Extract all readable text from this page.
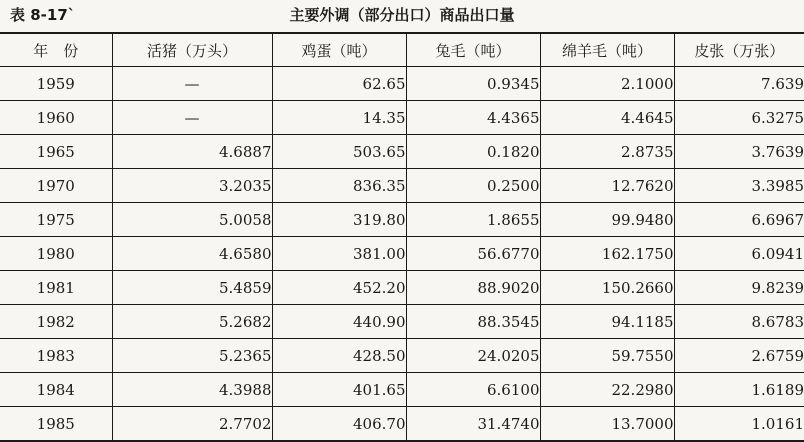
表 8-17`	主要外调（部分出口）商品出口量
年　份	活猪（万头）	鸡蛋（吨）	兔毛（吨）	绵羊毛（吨）	皮张（万张）
1959	—	62.65	0.9345	2.1000	7.639
1960	—	14.35	4.4365	4.4645	6.3275
1965	4.6887	503.65	0.1820	2.8735	3.7639
1970	3.2035	836.35	0.2500	12.7620	3.3985
1975	5.0058	319.80	1.8655	99.9480	6.6967
1980	4.6580	381.00	56.6770	162.1750	6.0941
1981	5.4859	452.20	88.9020	150.2660	9.8239
1982	5.2682	440.90	88.3545	94.1185	8.6783
1983	5.2365	428.50	24.0205	59.7550	2.6759
1984	4.3988	401.65	6.6100	22.2980	1.6189
1985	2.7702	406.70	31.4740	13.7000	1.0161
